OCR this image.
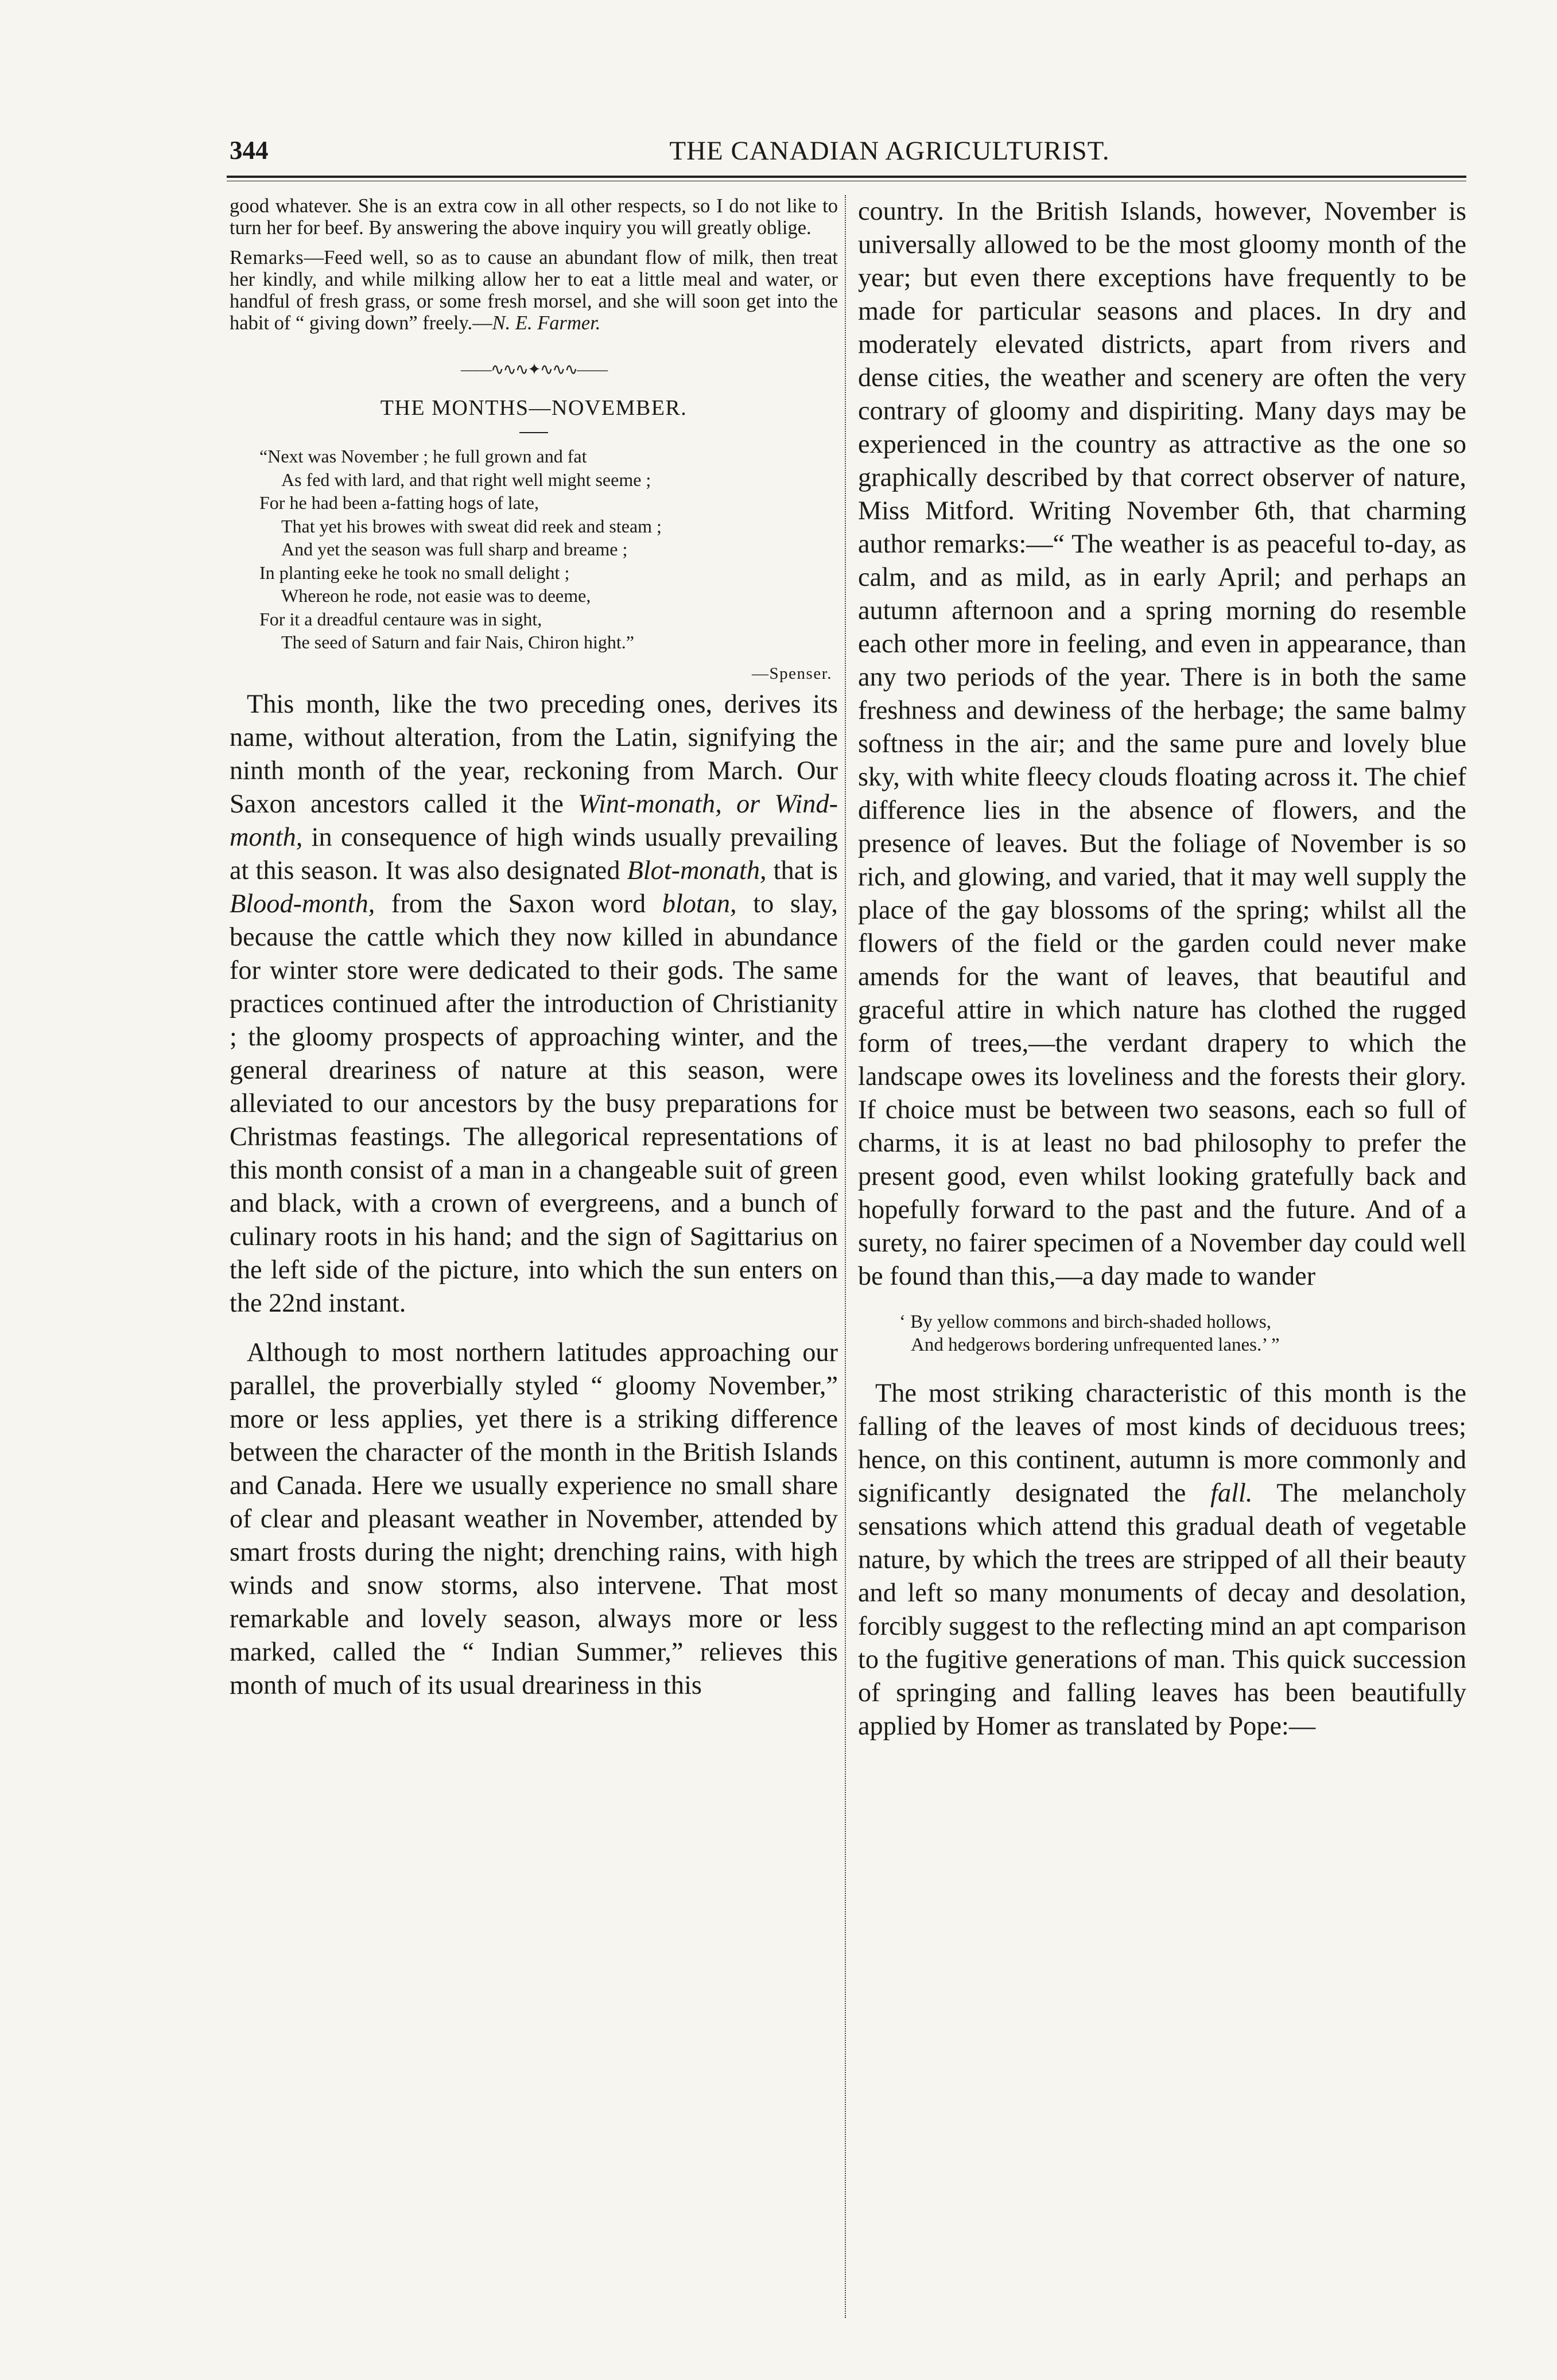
344	THE CANADIAN AGRICULTURIST.

good whatever. She is an extra cow in all other respects, so I do not like to turn her for beef. By answering the above inquiry you will greatly oblige.

Remarks—Feed well, so as to cause an abundant flow of milk, then treat her kindly, and while milking allow her to eat a little meal and water, or handful of fresh grass, or some fresh morsel, and she will soon get into the habit of “ giving down” freely.—N. E. Farmer.

——∿∿∿✦∿∿∿——
THE MONTHS—NOVEMBER.
“Next was November ; he full grown and fat
As fed with lard, and that right well might seeme ;
For he had been a-fatting hogs of late,
That yet his browes with sweat did reek and steam ;
And yet the season was full sharp and breame ;
In planting eeke he took no small delight ;
Whereon he rode, not easie was to deeme,
For it a dreadful centaure was in sight,
The seed of Saturn and fair Nais, Chiron hight.”
—Spenser.

This month, like the two preceding ones, derives its name, without alteration, from the Latin, signifying the ninth month of the year, reckoning from March. Our Saxon ancestors called it the Wint-monath, or Wind-month, in consequence of high winds usually prevailing at this season. It was also designated Blot-monath, that is Blood-month, from the Saxon word blotan, to slay, because the cattle which they now killed in abundance for winter store were dedicated to their gods. The same practices continued after the introduction of Christianity ; the gloomy prospects of approaching winter, and the general dreariness of nature at this season, were alleviated to our ancestors by the busy preparations for Christmas feastings. The allegorical representations of this month consist of a man in a changeable suit of green and black, with a crown of evergreens, and a bunch of culinary roots in his hand; and the sign of Sagittarius on the left side of the picture, into which the sun enters on the 22nd instant.

Although to most northern latitudes approaching our parallel, the proverbially styled “ gloomy November,” more or less applies, yet there is a striking difference between the character of the month in the British Islands and Canada. Here we usually experience no small share of clear and pleasant weather in November, attended by smart frosts during the night; drenching rains, with high winds and snow storms, also intervene. That most remarkable and lovely season, always more or less marked, called the “ Indian Summer,” relieves this month of much of its usual dreariness in this

country. In the British Islands, however, November is universally allowed to be the most gloomy month of the year; but even there exceptions have frequently to be made for particular seasons and places. In dry and moderately elevated districts, apart from rivers and dense cities, the weather and scenery are often the very contrary of gloomy and dispiriting. Many days may be experienced in the country as attractive as the one so graphically described by that correct observer of nature, Miss Mitford. Writing November 6th, that charming author remarks:—“ The weather is as peaceful to-day, as calm, and as mild, as in early April; and perhaps an autumn afternoon and a spring morning do resemble each other more in feeling, and even in appearance, than any two periods of the year. There is in both the same freshness and dewiness of the herbage; the same balmy softness in the air; and the same pure and lovely blue sky, with white fleecy clouds floating across it. The chief difference lies in the absence of flowers, and the presence of leaves. But the foliage of November is so rich, and glowing, and varied, that it may well supply the place of the gay blossoms of the spring; whilst all the flowers of the field or the garden could never make amends for the want of leaves, that beautiful and graceful attire in which nature has clothed the rugged form of trees,—the verdant drapery to which the landscape owes its loveliness and the forests their glory. If choice must be between two seasons, each so full of charms, it is at least no bad philosophy to prefer the present good, even whilst looking gratefully back and hopefully forward to the past and the future. And of a surety, no fairer specimen of a November day could well be found than this,—a day made to wander

‘ By yellow commons and birch-shaded hollows,
And hedgerows bordering unfrequented lanes.’ ”

The most striking characteristic of this month is the falling of the leaves of most kinds of deciduous trees; hence, on this continent, autumn is more commonly and significantly designated the fall. The melancholy sensations which attend this gradual death of vegetable nature, by which the trees are stripped of all their beauty and left so many monuments of decay and desolation, forcibly suggest to the reflecting mind an apt comparison to the fugitive generations of man. This quick succession of springing and falling leaves has been beautifully applied by Homer as translated by Pope:—
